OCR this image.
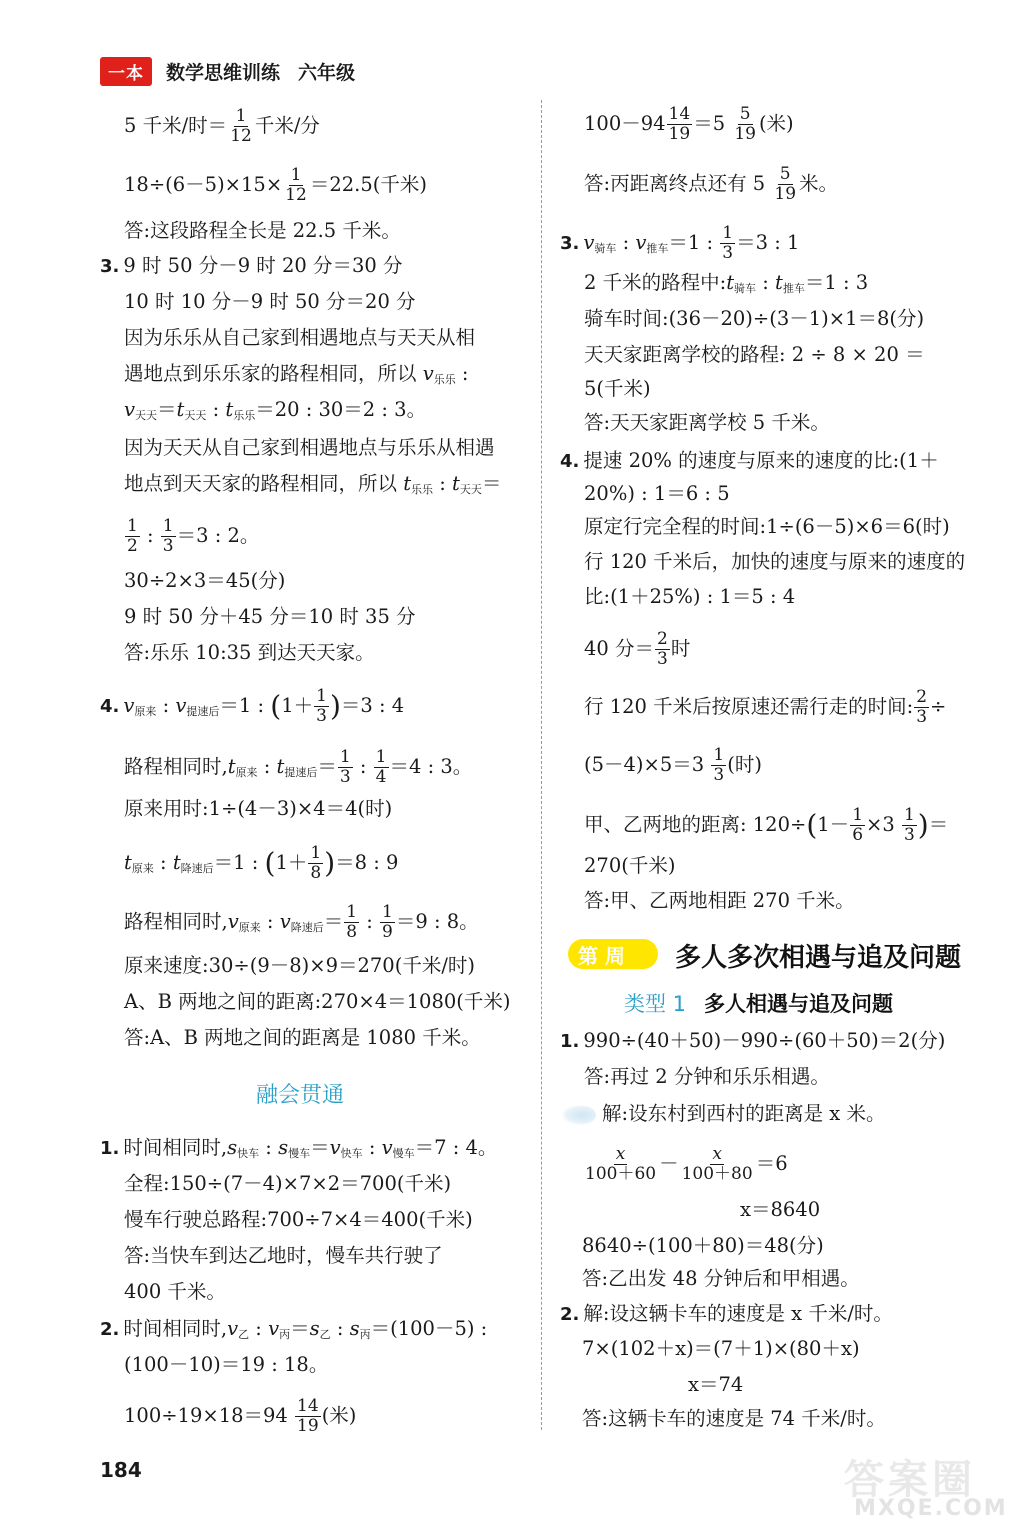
一本	数学思维训练 六年级
5 千米/时＝ $\frac{1}{12}$ 千米/分
$18\div(6-5)\times 15\times \frac{1}{12} =22.5$(千米)
答:这段路程全长是 22.5 千米。
3. 9 时 50 分－9 时 20 分＝30 分
10 时 10 分－9 时 50 分＝20 分
因为乐乐从自己家到相遇地点与天天从相
遇地点到乐乐家的路程相同，所以 $v_{乐乐}$ :
$v_{天天}=t_{天天}$ : $t_{乐乐}=20$ : 30＝2 : 3。
因为天天从自己家到相遇地点与乐乐从相遇
地点到天天家的路程相同，所以 $t_{乐乐}$ : $t_{天天}=$
$\frac{1}{2}$ : $\frac{1}{3} =3$ : 2。
30÷2×3＝45(分)
9 时 50 分＋45 分＝10 时 35 分
答:乐乐 10:35 到达天天家。
4. $v_{原来}$ : $v_{提速后}=1$ : $(1+ \frac{1}{3} )=3$ : 4
路程相同时$,t_{原来}$ : $t_{提速后}= \frac{1}{3}$ : $\frac{1}{4} =4$ : 3。
原来用时:1÷(4－3)×4＝4(时)
$t_{原来}$ : $t_{降速后}=1$ : $(1+ \frac{1}{8} )=8$ : 9
路程相同时$,v_{原来}$ : $v_{降速后}= \frac{1}{8}$ : $\frac{1}{9} =9$ : 8。
原来速度:30÷(9－8)×9＝270(千米/时)
A、B 两地之间的距离:270×4＝1080(千米)
答:A、B 两地之间的距离是 1080 千米。
融会贯通
1. 时间相同时$,s_{快车}$ : $s_{慢车}=v_{快车}$ : $v_{慢车}=7$ : 4。
全程:150÷(7－4)×7×2＝700(千米)
慢车行驶总路程:700÷7×4＝400(千米)
答:当快车到达乙地时，慢车共行驶了
400 千米。
2. 时间相同时$,v_乙$ : $v_丙=s_乙$ : $s_丙=(100-5)$ :
(100－10)＝19 : 18。
$100\div 19\times 18=94 \frac{14}{19}$ (米)
$100-94 \frac{14}{19} =5 \frac{5}{19}$ (米)
答:丙距离终点还有 $5 \frac{5}{19}$ 米。
3. $v_{骑车}$ : $v_{推车}=1$ : $\frac{1}{3} =3$ : 1
2 千米的路程中$:t_{骑车}$ : $t_{推车}=1$ : 3
骑车时间:(36－20)÷(3－1)×1＝8(分)
天天家距离学校的路程: 2 ÷ 8 × 20 ＝
5(千米)
答:天天家距离学校 5 千米。
4. 提速 20% 的速度与原来的速度的比:(1＋
20%) : 1＝6 : 5
原定行完全程的时间:1÷(6－5)×6＝6(时)
行 120 千米后，加快的速度与原来的速度的
比:(1＋25%) : 1＝5 : 4
40 分＝ $\frac{2}{3}$ 时
行 120 千米后按原速还需行走的时间: $\frac{2}{3}$ ÷
$(5-4)\times 5=3 \frac{1}{3}$ (时)
甲、乙两地的距离: $120\div(1- \frac{1}{6} \times 3 \frac{1}{3}$ )＝
270(千米)
答:甲、乙两地相距 270 千米。
第 周 多人多次相遇与追及问题
类型 1 多人相遇与追及问题
1. 990÷(40＋50)－990÷(60＋50)＝2(分)
答:再过 2 分钟和乐乐相遇。
解:设东村到西村的距离是 x 米。
$\frac{x}{100+60} - \frac{x}{100+80} =6$
x＝8640
8640÷(100＋80)＝48(分)
答:乙出发 48 分钟后和甲相遇。
2. 解:设这辆卡车的速度是 x 千米/时。
7×(102＋x)＝(7＋1)×(80＋x)
x＝74
答:这辆卡车的速度是 74 千米/时。
184	答案圈
MXQE.COM
